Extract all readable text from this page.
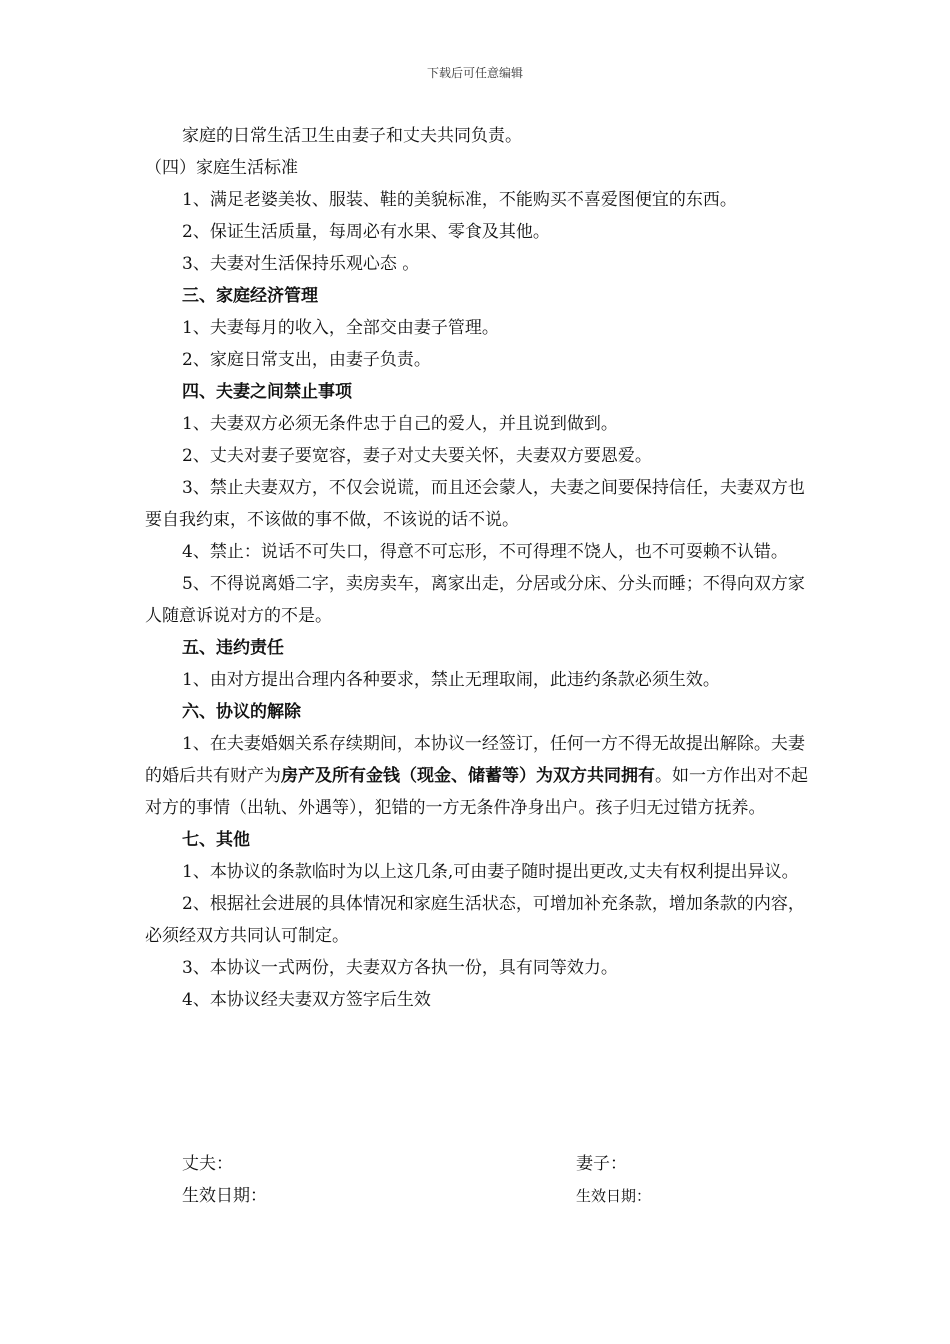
下载后可任意编辑

家庭的日常生活卫生由妻子和丈夫共同负责。

（四）家庭生活标准

1、满足老婆美妆、服装、鞋的美貌标准，不能购买不喜爱图便宜的东西。

2、保证生活质量，每周必有水果、零食及其他。

3、夫妻对生活保持乐观心态 。

三、家庭经济管理

1、夫妻每月的收入，全部交由妻子管理。

2、家庭日常支出，由妻子负责。

四、夫妻之间禁止事项

1、夫妻双方必须无条件忠于自己的爱人，并且说到做到。

2、丈夫对妻子要宽容，妻子对丈夫要关怀，夫妻双方要恩爱。

3、禁止夫妻双方，不仅会说谎，而且还会蒙人，夫妻之间要保持信任，夫妻双方也要自我约束，不该做的事不做，不该说的话不说。

4、禁止：说话不可失口，得意不可忘形，不可得理不饶人，也不可耍赖不认错。

5、不得说离婚二字，卖房卖车，离家出走，分居或分床、分头而睡；不得向双方家人随意诉说对方的不是。

五、违约责任

1、由对方提出合理内各种要求，禁止无理取闹，此违约条款必须生效。

六、协议的解除

1、在夫妻婚姻关系存续期间，本协议一经签订，任何一方不得无故提出解除。夫妻的婚后共有财产为房产及所有金钱（现金、储蓄等）为双方共同拥有。如一方作出对不起对方的事情（出轨、外遇等），犯错的一方无条件净身出户。孩子归无过错方抚养。

七、其他

1、本协议的条款临时为以上这几条,可由妻子随时提出更改,丈夫有权利提出异议。

2、根据社会进展的具体情况和家庭生活状态，可增加补充条款，增加条款的内容，必须经双方共同认可制定。

3、本协议一式两份，夫妻双方各执一份，具有同等效力。

4、本协议经夫妻双方签字后生效

丈夫：	妻子：
生效日期：	生效日期：
